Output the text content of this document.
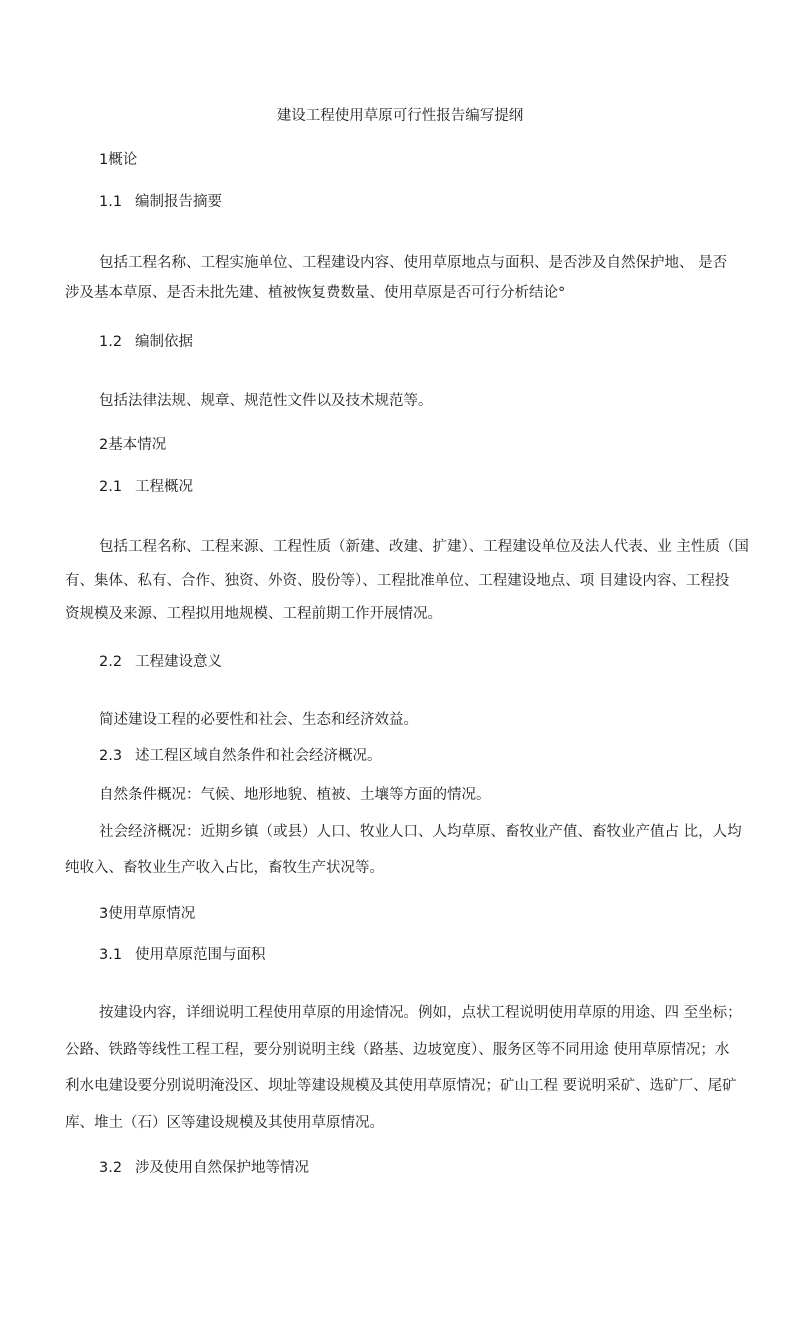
建设工程使用草原可行性报告编写提纲
1概论
1.1 编制报告摘要
包括工程名称、工程实施单位、工程建设内容、使用草原地点与面积、是否涉及自然保护地、 是否
涉及基本草原、是否未批先建、植被恢复费数量、使用草原是否可行分析结论°
1.2 编制依据
包括法律法规、规章、规范性文件以及技术规范等。
2基本情况
2.1 工程概况
包括工程名称、工程来源、工程性质（新建、改建、扩建）、工程建设单位及法人代表、业 主性质（国
有、集体、私有、合作、独资、外资、股份等）、工程批准单位、工程建设地点、项 目建设内容、工程投
资规模及来源、工程拟用地规模、工程前期工作开展情况。
2.2 工程建设意义
简述建设工程的必要性和社会、生态和经济效益。
2.3 述工程区域自然条件和社会经济概况。
自然条件概况：气候、地形地貌、植被、土壤等方面的情况。
社会经济概况：近期乡镇（或县）人口、牧业人口、人均草原、畜牧业产值、畜牧业产值占 比，人均
纯收入、畜牧业生产收入占比，畜牧生产状况等。
3使用草原情况
3.1 使用草原范围与面积
按建设内容，详细说明工程使用草原的用途情况。例如，点状工程说明使用草原的用途、四 至坐标；
公路、铁路等线性工程工程，要分别说明主线（路基、边坡宽度）、服务区等不同用途 使用草原情况；水
利水电建设要分别说明淹没区、坝址等建设规模及其使用草原情况；矿山工程 要说明采矿、选矿厂、尾矿
库、堆土（石）区等建设规模及其使用草原情况。
3.2 涉及使用自然保护地等情况
